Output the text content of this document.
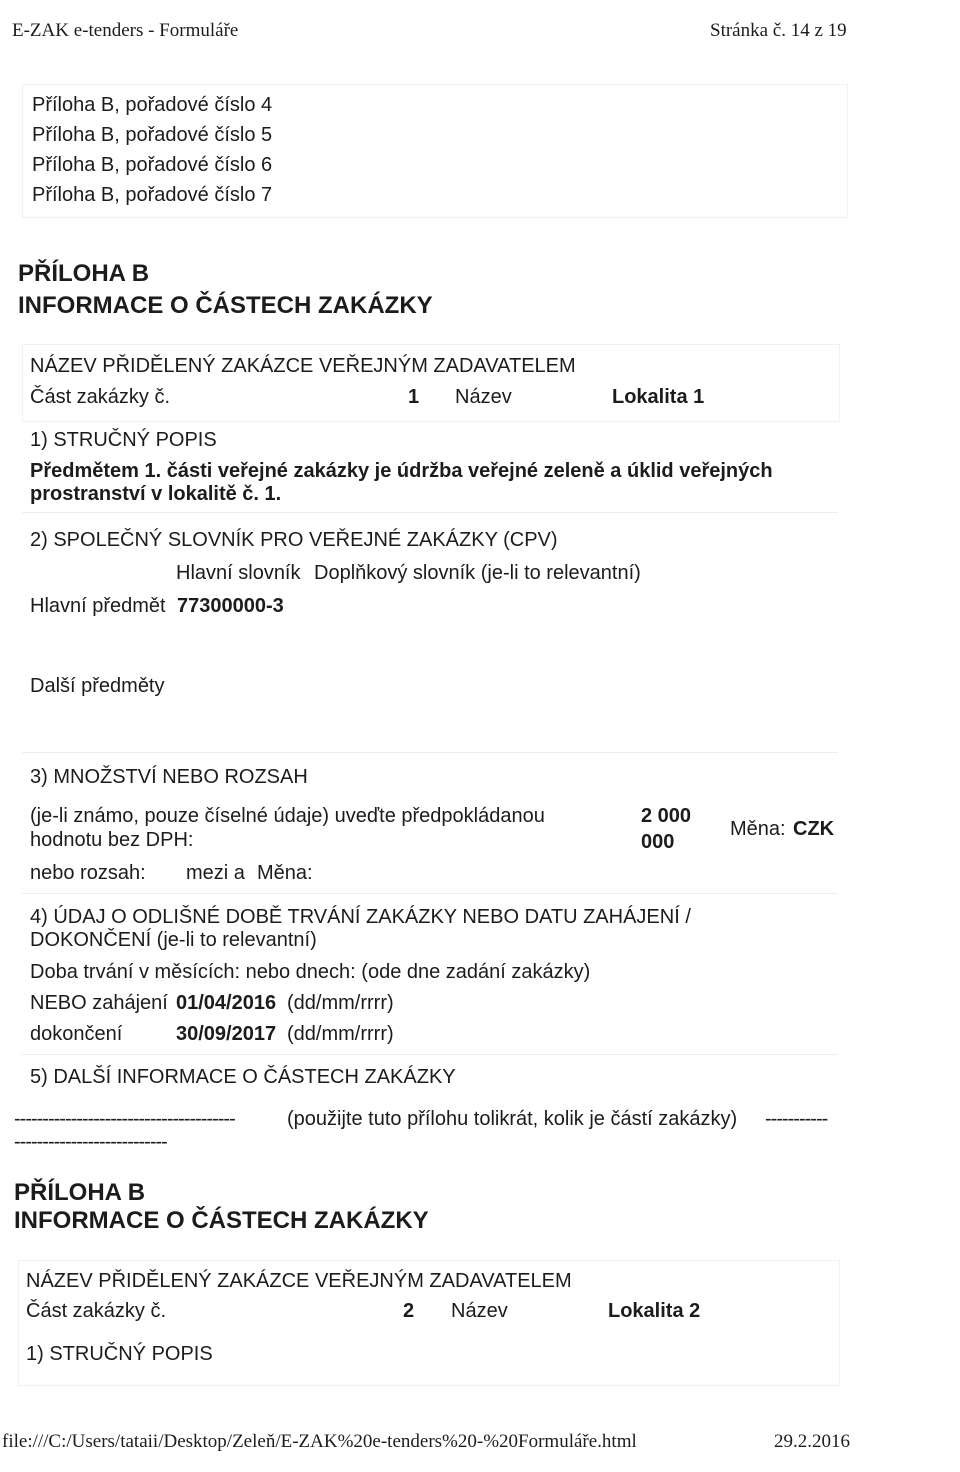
E-ZAK e-tenders - Formuláře	Stránka č. 14 z 19
Příloha B, pořadové číslo 4
Příloha B, pořadové číslo 5
Příloha B, pořadové číslo 6
Příloha B, pořadové číslo 7
PŘÍLOHA B
INFORMACE O ČÁSTECH ZAKÁZKY
NÁZEV PŘIDĚLENÝ ZAKÁZCE VEŘEJNÝM ZADAVATELEM
Část zakázky č.	1 Název	Lokalita 1
1) STRUČNÝ POPIS
Předmětem 1. části veřejné zakázky je údržba veřejné zeleně a úklid veřejných
prostranství v lokalitě č. 1.
2) SPOLEČNÝ SLOVNÍK PRO VEŘEJNÉ ZAKÁZKY (CPV)
Hlavní slovník Doplňkový slovník (je-li to relevantní)
Hlavní předmět 77300000-3
Další předměty
3) MNOŽSTVÍ NEBO ROZSAH
(je-li známo, pouze číselné údaje) uveďte předpokládanou
hodnotu bez DPH:
2 000
000
Měna: CZK
nebo rozsah: mezi a Měna:
4) ÚDAJ O ODLIŠNÉ DOBĚ TRVÁNÍ ZAKÁZKY NEBO DATU ZAHÁJENÍ /
DOKONČENÍ (je-li to relevantní)
Doba trvání v měsících: nebo dnech: (ode dne zadání zakázky)
NEBO zahájení 01/04/2016 (dd/mm/rrrr)
dokončení	30/09/2017 (dd/mm/rrrr)
5) DALŠÍ INFORMACE O ČÁSTECH ZAKÁZKY
---------------------------------------	(použijte tuto přílohu tolikrát, kolik je částí zakázky) -----------
---------------------------
PŘÍLOHA B
INFORMACE O ČÁSTECH ZAKÁZKY
NÁZEV PŘIDĚLENÝ ZAKÁZCE VEŘEJNÝM ZADAVATELEM
Část zakázky č.	2 Název	Lokalita 2
1) STRUČNÝ POPIS
file:///C:/Users/tataii/Desktop/Zeleň/E-ZAK%20e-tenders%20-%20Formuláře.html	29.2.2016
